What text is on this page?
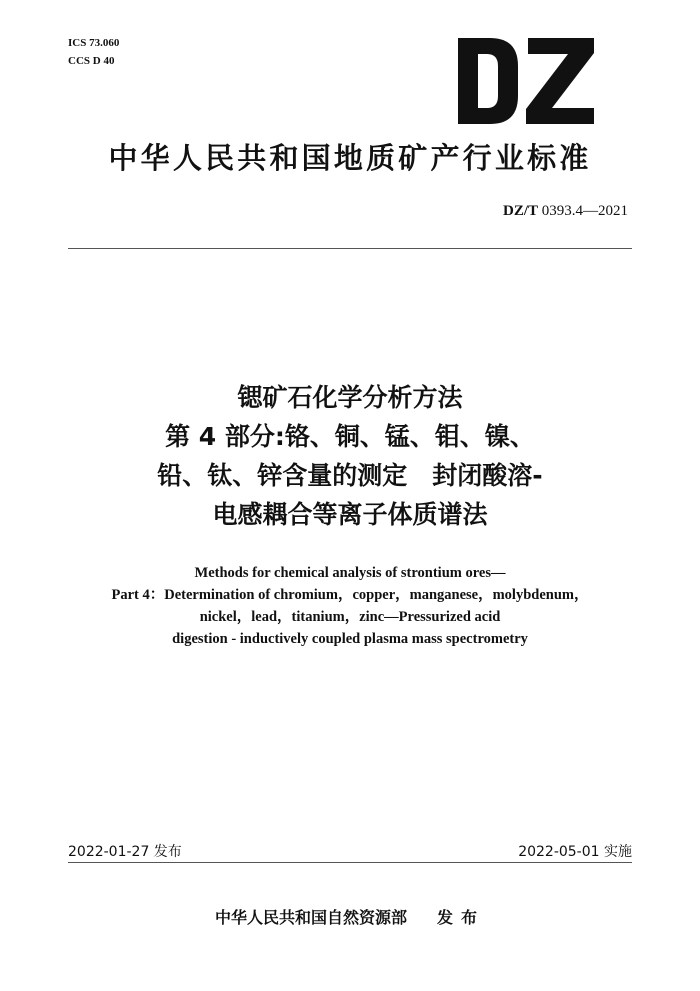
ICS 73.060
CCS D 40
中华人民共和国地质矿产行业标准
DZ/T 0393.4—2021
锶矿石化学分析方法
第 4 部分:铬、铜、锰、钼、镍、
铅、钛、锌含量的测定　封闭酸溶-
电感耦合等离子体质谱法
Methods for chemical analysis of strontium ores—
Part 4：Determination of chromium，copper，manganese，molybdenum，
nickel，lead，titanium，zinc—Pressurized acid
digestion - inductively coupled plasma mass spectrometry
2022-01-27 发布	2022-05-01 实施
中华人民共和国自然资源部 发布
